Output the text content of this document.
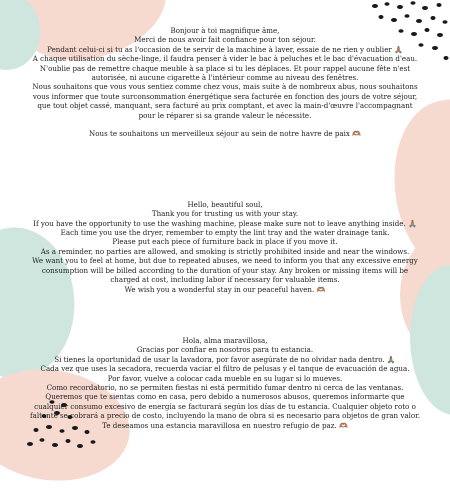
Bonjour à toi magnifique âme,

Merci de nous avoir fait confiance pour ton séjour.

Pendant celui-ci si tu as l'occasion de te servir de la machine à laver, essaie de ne rien y oublier 🙏🏽

A chaque utilisation du sèche-linge, il faudra penser à vider le bac à peluches et le bac d'évacuation d'eau.

N'oublie pas de remettre chaque meuble à sa place si tu les déplaces. Et pour rappel aucune fête n'est autorisée, ni aucune cigarette à l'intérieur comme au niveau des fenêtres.

Nous souhaitons que vous vous sentiez comme chez vous, mais suite à de nombreux abus, nous souhaitons vous informer que toute surconsommation énergétique sera facturée en fonction des jours de votre séjour, que tout objet cassé, manquant, sera facturé au prix comptant, et avec la main-d'œuvre l'accompagnant pour le réparer si sa grande valeur le nécessite.

Nous te souhaitons un merveilleux séjour au sein de notre havre de paix 🫶🏽

Hello, beautiful soul,

Thank you for trusting us with your stay.

If you have the opportunity to use the washing machine, please make sure not to leave anything inside. 🙏🏽

Each time you use the dryer, remember to empty the lint tray and the water drainage tank.

Please put each piece of furniture back in place if you move it.

As a reminder, no parties are allowed, and smoking is strictly prohibited inside and near the windows.

We want you to feel at home, but due to repeated abuses, we need to inform you that any excessive energy consumption will be billed according to the duration of your stay. Any broken or missing items will be charged at cost, including labor if necessary for valuable items.

We wish you a wonderful stay in our peaceful haven. 🫶🏽

Hola, alma maravillosa,

Gracias por confiar en nosotros para tu estancia.

Si tienes la oportunidad de usar la lavadora, por favor asegúrate de no olvidar nada dentro. 🙏🏽

Cada vez que uses la secadora, recuerda vaciar el filtro de pelusas y el tanque de evacuación de agua.

Por favor, vuelve a colocar cada mueble en su lugar si lo mueves.

Como recordatorio, no se permiten fiestas ni está permitido fumar dentro ni cerca de las ventanas.

Queremos que te sientas como en casa, pero debido a numerosos abusos, queremos informarte que cualquier consumo excesivo de energía se facturará según los días de tu estancia. Cualquier objeto roto o faltante se cobrará a precio de costo, incluyendo la mano de obra si es necesario para objetos de gran valor.

Te deseamos una estancia maravillosa en nuestro refugio de paz. 🫶🏽
